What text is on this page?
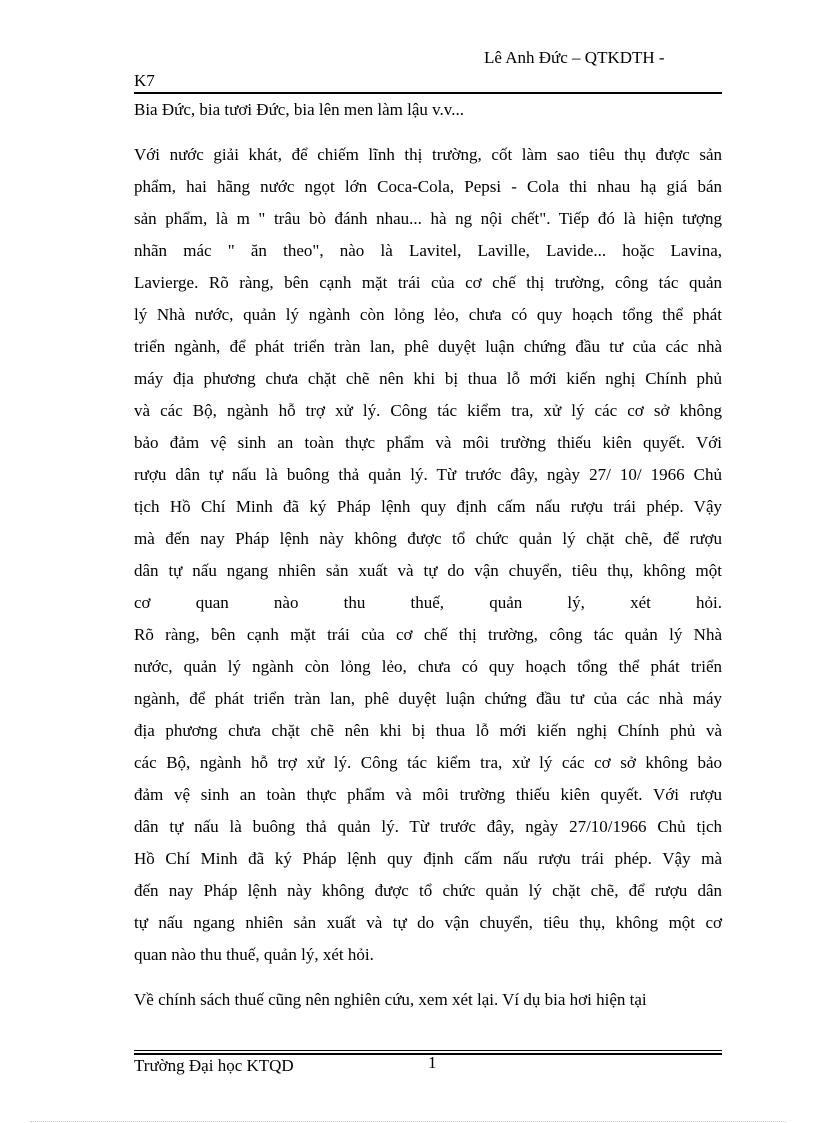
Lê Anh Đức – QTKDTH -
K7
Bia Đức, bia tươi Đức, bia lên men làm lậu v.v...
Với nước giải khát, để chiếm lĩnh thị trường, cốt làm sao tiêu thụ được sản
phẩm, hai hãng nước ngọt lớn Coca-Cola, Pepsi - Cola thi nhau hạ giá bán
sản phẩm, là m " trâu bò đánh nhau... hà ng nội chết". Tiếp đó là hiện tượng
nhãn mác " ăn theo", nào là Lavitel, Laville, Lavide... hoặc Lavina,
Lavierge. Rõ ràng, bên cạnh mặt trái của cơ chế thị trường, công tác quản
lý Nhà nước, quản lý ngành còn lỏng lẻo, chưa có quy hoạch tổng thể phát
triển ngành, để phát triển tràn lan, phê duyệt luận chứng đầu tư của các nhà
máy địa phương chưa chặt chẽ nên khi bị thua lỗ mới kiến nghị Chính phủ
và các Bộ, ngành hỗ trợ xử lý. Công tác kiểm tra, xử lý các cơ sở không
bảo đảm vệ sinh an toàn thực phẩm và môi trường thiếu kiên quyết. Với
rượu dân tự nấu là buông thả quản lý. Từ trước đây, ngày 27/ 10/ 1966 Chủ
tịch Hồ Chí Minh đã ký Pháp lệnh quy định cấm nấu rượu trái phép. Vậy
mà đến nay Pháp lệnh này không được tổ chức quản lý chặt chẽ, để rượu
dân tự nấu ngang nhiên sản xuất và tự do vận chuyển, tiêu thụ, không một
cơ quan nào thu thuế, quản lý, xét hỏi.
Rõ ràng, bên cạnh mặt trái của cơ chế thị trường, công tác quản lý Nhà
nước, quản lý ngành còn lỏng lẻo, chưa có quy hoạch tổng thể phát triển
ngành, để phát triển tràn lan, phê duyệt luận chứng đầu tư của các nhà máy
địa phương chưa chặt chẽ nên khi bị thua lỗ mới kiến nghị Chính phủ và
các Bộ, ngành hỗ trợ xử lý. Công tác kiểm tra, xử lý các cơ sở không bảo
đảm vệ sinh an toàn thực phẩm và môi trường thiếu kiên quyết. Với rượu
dân tự nấu là buông thả quản lý. Từ trước đây, ngày 27/10/1966 Chủ tịch
Hồ Chí Minh đã ký Pháp lệnh quy định cấm nấu rượu trái phép. Vậy mà
đến nay Pháp lệnh này không được tổ chức quản lý chặt chẽ, để rượu dân
tự nấu ngang nhiên sản xuất và tự do vận chuyển, tiêu thụ, không một cơ
quan nào thu thuế, quản lý, xét hỏi.
Về chính sách thuế cũng nên nghiên cứu, xem xét lại. Ví dụ bia hơi hiện tại
Trường Đại học KTQD	1
